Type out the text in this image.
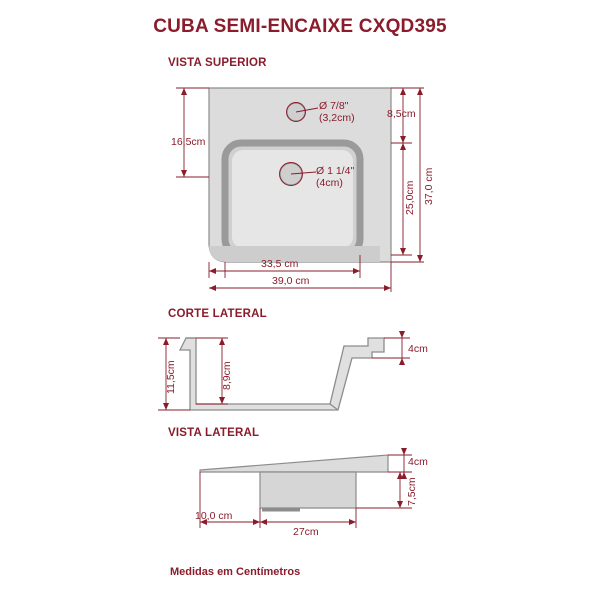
CUBA SEMI-ENCAIXE CXQD395
VISTA SUPERIOR
CORTE LATERAL
VISTA LATERAL
Ø 7/8"
(3,2cm)
Ø 1 1/4"
(4cm)
16,5cm
8,5cm
25,0cm 37,0 cm
33,5 cm
39,0 cm
11,5cm	8,9cm
4cm
4cm
7,5cm
10,0 cm
27cm
Medidas em Centímetros
